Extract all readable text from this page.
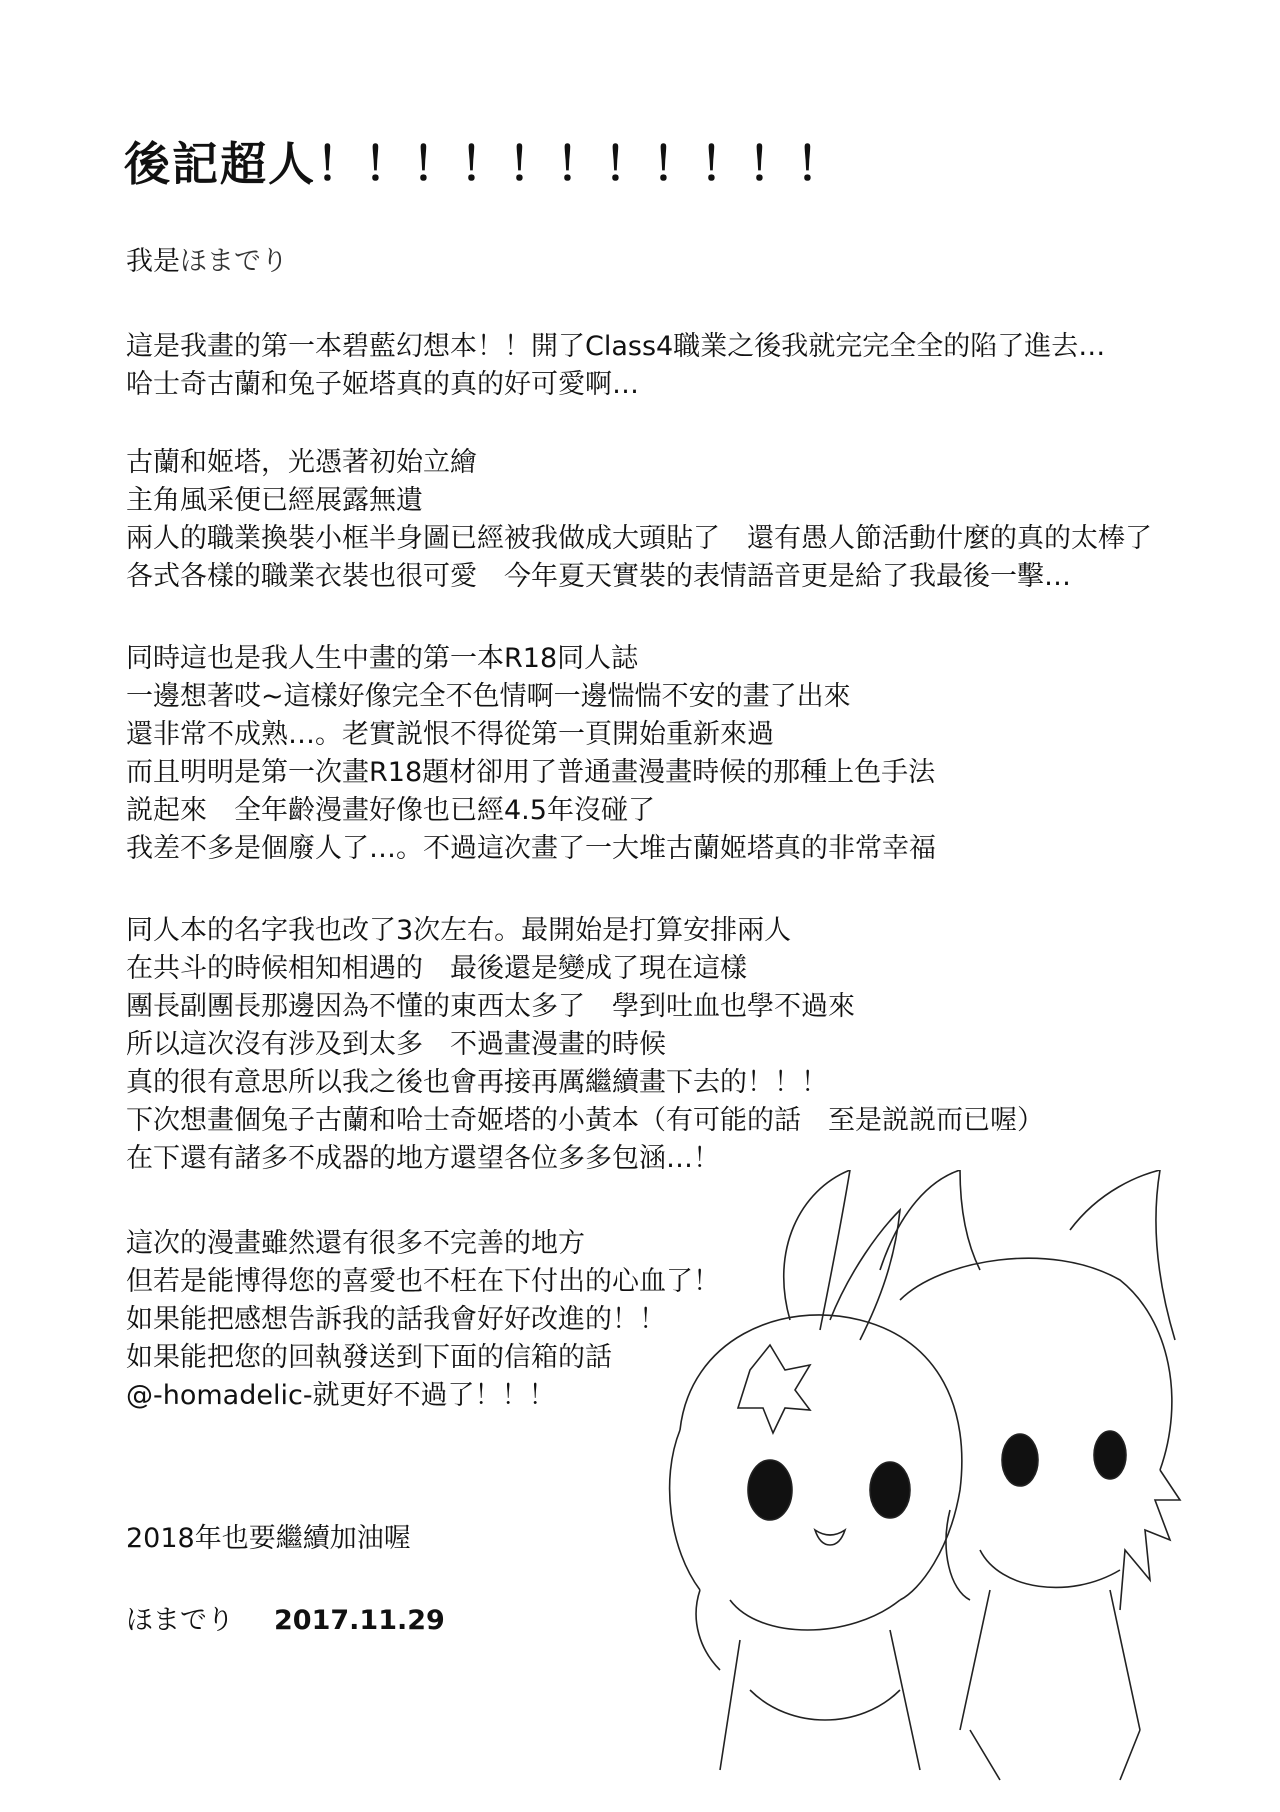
後記超人！！！！！！！！！！！
我是ほまでり
這是我畫的第一本碧藍幻想本！！開了Class4職業之後我就完完全全的陷了進去…
哈士奇古蘭和兔子姬塔真的真的好可愛啊…
古蘭和姬塔，光憑著初始立繪
主角風采便已經展露無遺
兩人的職業換裝小框半身圖已經被我做成大頭貼了　還有愚人節活動什麼的真的太棒了
各式各樣的職業衣裝也很可愛　今年夏天實裝的表情語音更是給了我最後一擊…
同時這也是我人生中畫的第一本R18同人誌
一邊想著哎~這樣好像完全不色情啊一邊惴惴不安的畫了出來
還非常不成熟…。老實説恨不得從第一頁開始重新來過
而且明明是第一次畫R18題材卻用了普通畫漫畫時候的那種上色手法
説起來　全年齡漫畫好像也已經4.5年沒碰了
我差不多是個廢人了…。不過這次畫了一大堆古蘭姬塔真的非常幸福
同人本的名字我也改了3次左右。最開始是打算安排兩人
在共斗的時候相知相遇的　最後還是變成了現在這樣
團長副團長那邊因為不懂的東西太多了　學到吐血也學不過來
所以這次沒有涉及到太多　不過畫漫畫的時候
真的很有意思所以我之後也會再接再厲繼續畫下去的！！！
下次想畫個兔子古蘭和哈士奇姬塔的小黃本（有可能的話　至是説説而已喔）
在下還有諸多不成器的地方還望各位多多包涵…！
這次的漫畫雖然還有很多不完善的地方
但若是能博得您的喜愛也不枉在下付出的心血了！
如果能把感想告訴我的話我會好好改進的！！
如果能把您的回執發送到下面的信箱的話
@-homadelic-就更好不過了！！！
2018年也要繼續加油喔
ほまでり 2017.11.29
